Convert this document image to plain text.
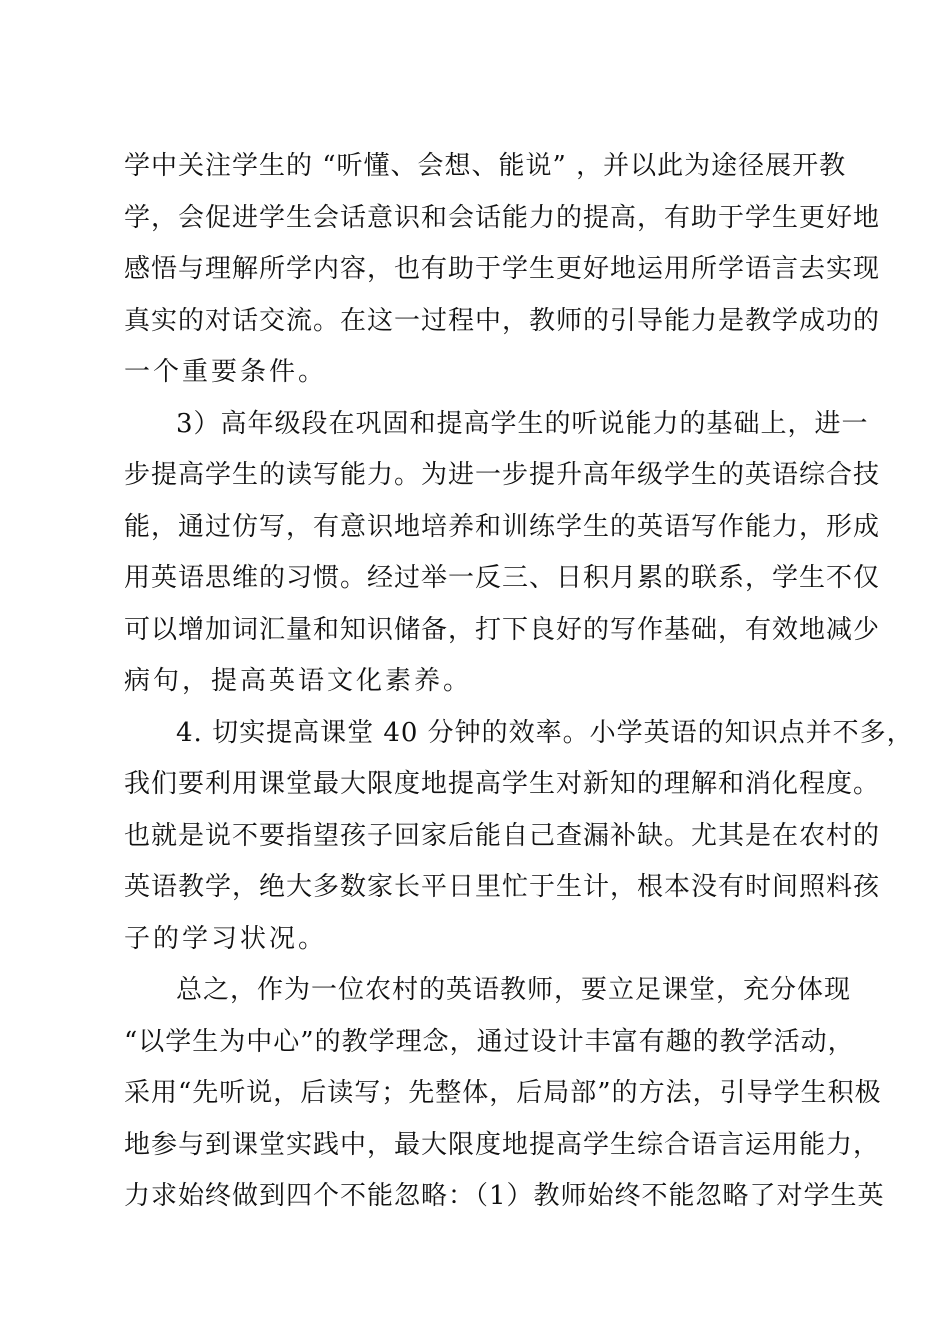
学中关注学生的 “听懂、会想、能说” ，并以此为途径展开教
学，会促进学生会话意识和会话能力的提高，有助于学生更好地
感悟与理解所学内容，也有助于学生更好地运用所学语言去实现
真实的对话交流。在这一过程中，教师的引导能力是教学成功的
一个重要条件。
3）高年级段在巩固和提高学生的听说能力的基础上，进一
步提高学生的读写能力。为进一步提升高年级学生的英语综合技
能，通过仿写，有意识地培养和训练学生的英语写作能力，形成
用英语思维的习惯。经过举一反三、日积月累的联系，学生不仅
可以增加词汇量和知识储备，打下良好的写作基础，有效地减少
病句，提高英语文化素养。
4. 切实提高课堂 40 分钟的效率。小学英语的知识点并不多，
我们要利用课堂最大限度地提高学生对新知的理解和消化程度。
也就是说不要指望孩子回家后能自己查漏补缺。尤其是在农村的
英语教学，绝大多数家长平日里忙于生计，根本没有时间照料孩
子的学习状况。
总之，作为一位农村的英语教师，要立足课堂，充分体现
“以学生为中心”的教学理念，通过设计丰富有趣的教学活动，
采用“先听说，后读写；先整体，后局部”的方法，引导学生积极
地参与到课堂实践中，最大限度地提高学生综合语言运用能力，
力求始终做到四个不能忽略：（1）教师始终不能忽略了对学生英
